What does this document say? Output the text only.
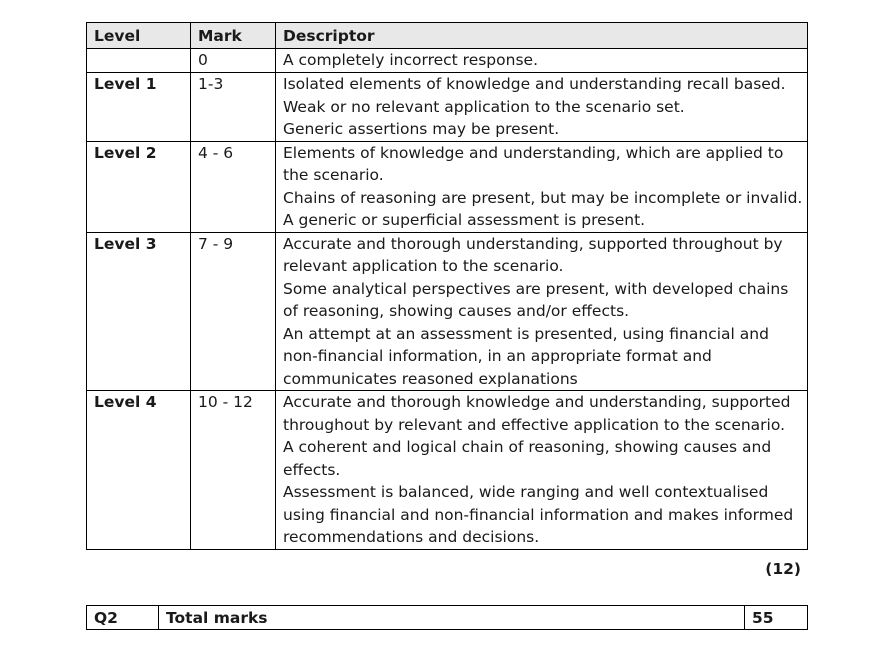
Level	Mark	Descriptor
	0	A completely incorrect response.

Level 1	1-3	Isolated elements of knowledge and understanding recall based.
Weak or no relevant application to the scenario set.
Generic assertions may be present.

Level 2	4 - 6	Elements of knowledge and understanding, which are applied to the scenario.
Chains of reasoning are present, but may be incomplete or invalid.
A generic or superficial assessment is present.

Level 3	7 - 9	Accurate and thorough understanding, supported throughout by relevant application to the scenario.
Some analytical perspectives are present, with developed chains of reasoning, showing causes and/or effects.
An attempt at an assessment is presented, using financial and non-financial information, in an appropriate format and communicates reasoned explanations

Level 4	10 - 12	Accurate and thorough knowledge and understanding, supported throughout by relevant and effective application to the scenario.
A coherent and logical chain of reasoning, showing causes and effects.
Assessment is balanced, wide ranging and well contextualised using financial and non-financial information and makes informed recommendations and decisions.
(12)
Q2	Total marks	55
